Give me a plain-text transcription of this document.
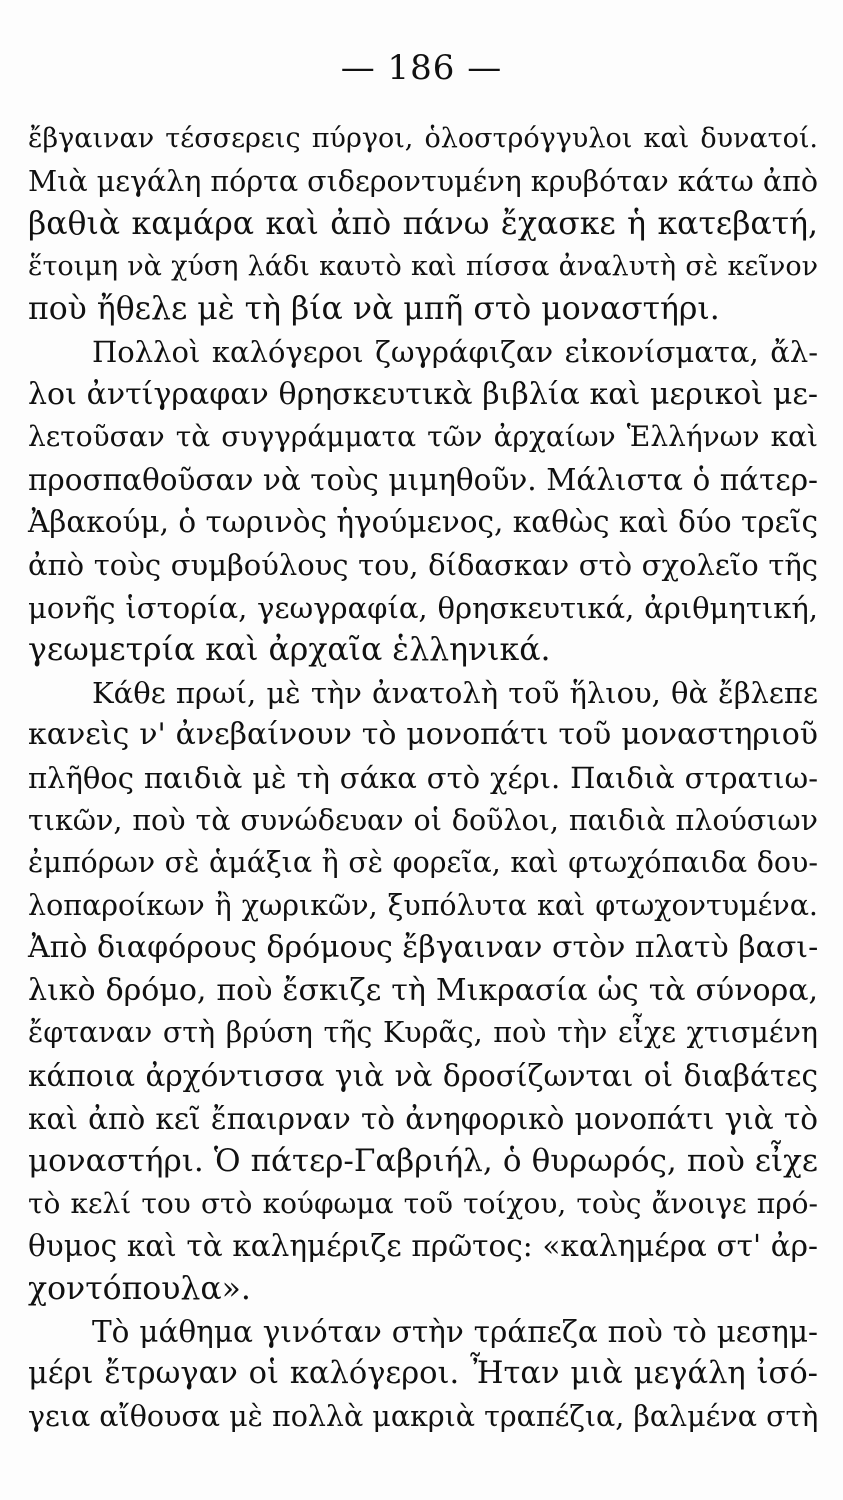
— 186 —
ἔβγαιναν τέσσερεις πύργοι, ὁλοστρόγγυλοι καὶ δυνατοί.
Μιὰ μεγάλη πόρτα σιδεροντυμένη κρυβόταν κάτω ἀπὸ
βαθιὰ καμάρα καὶ ἀπὸ πάνω ἔχασκε ἡ κατεβατή,
ἕτοιμη νὰ χύση λάδι καυτὸ καὶ πίσσα ἀναλυτὴ σὲ κεῖνον
ποὺ ἤθελε μὲ τὴ βία νὰ μπῆ στὸ μοναστήρι.
Πολλοὶ καλόγεροι ζωγράφιζαν εἰκονίσματα, ἄλ-
λοι ἀντίγραφαν θρησκευτικὰ βιβλία καὶ μερικοὶ με-
λετοῦσαν τὰ συγγράμματα τῶν ἀρχαίων Ἑλλήνων καὶ
προσπαθοῦσαν νὰ τοὺς μιμηθοῦν. Μάλιστα ὁ πάτερ-
Ἀβακούμ, ὁ τωρινὸς ἡγούμενος, καθὼς καὶ δύο τρεῖς
ἀπὸ τοὺς συμβούλους του, δίδασκαν στὸ σχολεῖο τῆς
μονῆς ἱστορία, γεωγραφία, θρησκευτικά, ἀριθμητική,
γεωμετρία καὶ ἀρχαῖα ἑλληνικά.
Κάθε πρωί, μὲ τὴν ἀνατολὴ τοῦ ἥλιου, θὰ ἔβλεπε
κανεὶς ν' ἀνεβαίνουν τὸ μονοπάτι τοῦ μοναστηριοῦ
πλῆθος παιδιὰ μὲ τὴ σάκα στὸ χέρι. Παιδιὰ στρατιω-
τικῶν, ποὺ τὰ συνώδευαν οἱ δοῦλοι, παιδιὰ πλούσιων
ἐμπόρων σὲ ἁμάξια ἢ σὲ φορεῖα, καὶ φτωχόπαιδα δου-
λοπαροίκων ἢ χωρικῶν, ξυπόλυτα καὶ φτωχοντυμένα.
Ἀπὸ διαφόρους δρόμους ἔβγαιναν στὸν πλατὺ βασι-
λικὸ δρόμο, ποὺ ἔσκιζε τὴ Μικρασία ὡς τὰ σύνορα,
ἔφταναν στὴ βρύση τῆς Κυρᾶς, ποὺ τὴν εἶχε χτισμένη
κάποια ἀρχόντισσα γιὰ νὰ δροσίζωνται οἱ διαβάτες
καὶ ἀπὸ κεῖ ἔπαιρναν τὸ ἀνηφορικὸ μονοπάτι γιὰ τὸ
μοναστήρι. Ὁ πάτερ-Γαβριήλ, ὁ θυρωρός, ποὺ εἶχε
τὸ κελί του στὸ κούφωμα τοῦ τοίχου, τοὺς ἄνοιγε πρό-
θυμος καὶ τὰ καλημέριζε πρῶτος: «καλημέρα στ' ἀρ-
χοντόπουλα».
Τὸ μάθημα γινόταν στὴν τράπεζα ποὺ τὸ μεσημ-
μέρι ἔτρωγαν οἱ καλόγεροι. Ἦταν μιὰ μεγάλη ἰσό-
γεια αἴθουσα μὲ πολλὰ μακριὰ τραπέζια, βαλμένα στὴ
